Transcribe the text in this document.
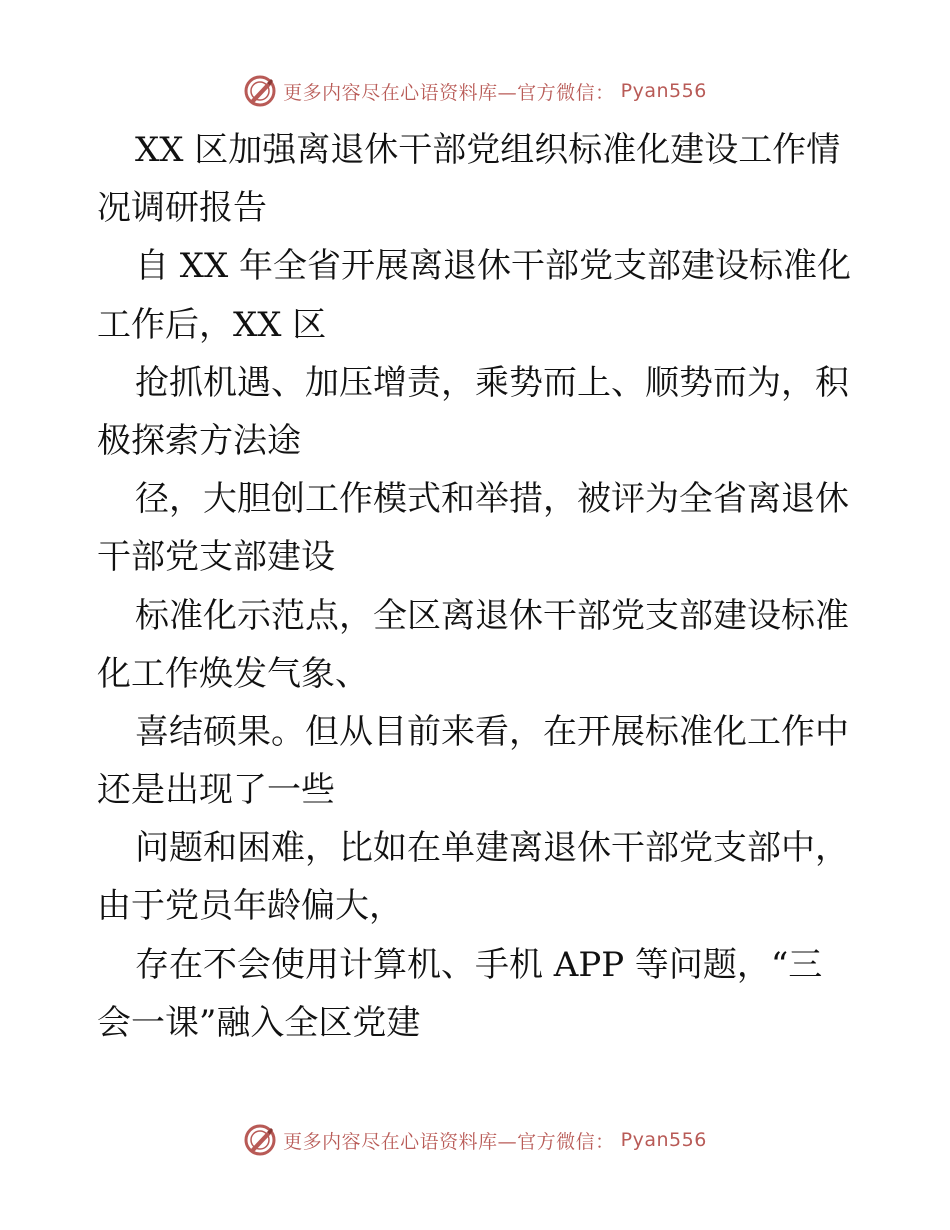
更多内容尽在心语资料库—官方微信： Pyan556
XX 区加强离退休干部党组织标准化建设工作情
况调研报告
自 XX 年全省开展离退休干部党支部建设标准化
工作后，XX 区
抢抓机遇、加压增责，乘势而上、顺势而为，积
极探索方法途
径，大胆创工作模式和举措，被评为全省离退休
干部党支部建设
标准化示范点，全区离退休干部党支部建设标准
化工作焕发气象、
喜结硕果。但从目前来看，在开展标准化工作中
还是出现了一些
问题和困难，比如在单建离退休干部党支部中，
由于党员年龄偏大，
存在不会使用计算机、手机 APP 等问题，“三
会一课”融入全区党建
更多内容尽在心语资料库—官方微信： Pyan556
